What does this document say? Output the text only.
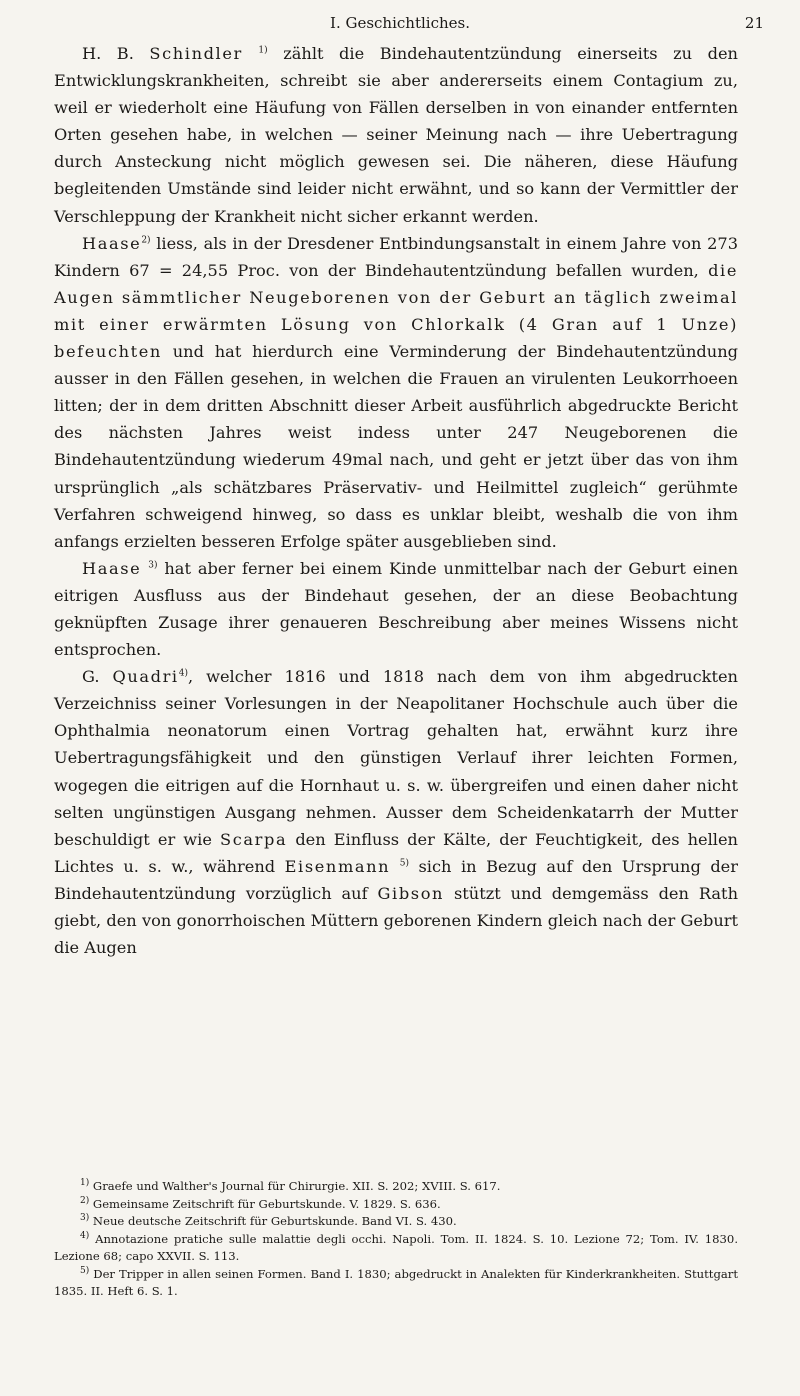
I. Geschichtliches.	21

H. B. Schindler $^{1)}$ zählt die Bindehautentzündung einerseits zu den Entwicklungskrankheiten, schreibt sie aber andererseits einem Contagium zu, weil er wiederholt eine Häufung von Fällen derselben in von einander entfernten Orten gesehen habe, in welchen — seiner Meinung nach — ihre Uebertragung durch Ansteckung nicht möglich gewesen sei. Die näheren, diese Häufung begleitenden Umstände sind leider nicht erwähnt, und so kann der Vermittler der Verschleppung der Krankheit nicht sicher erkannt werden.

Haase$^{2)}$ liess, als in der Dresdener Entbindungsanstalt in einem Jahre von 273 Kindern 67 = 24,55 Proc. von der Bindehautentzündung befallen wurden, die Augen sämmtlicher Neugeborenen von der Geburt an täglich zweimal mit einer erwärmten Lösung von Chlorkalk (4 Gran auf 1 Unze) befeuchten und hat hierdurch eine Verminderung der Bindehautentzündung ausser in den Fällen gesehen, in welchen die Frauen an virulenten Leukorrhoeen litten; der in dem dritten Abschnitt dieser Arbeit ausführlich abgedruckte Bericht des nächsten Jahres weist indess unter 247 Neugeborenen die Bindehautentzündung wiederum 49mal nach, und geht er jetzt über das von ihm ursprünglich „als schätzbares Präservativ- und Heilmittel zugleich“ gerühmte Verfahren schweigend hinweg, so dass es unklar bleibt, weshalb die von ihm anfangs erzielten besseren Erfolge später ausgeblieben sind.

Haase $^{3)}$ hat aber ferner bei einem Kinde unmittelbar nach der Geburt einen eitrigen Ausfluss aus der Bindehaut gesehen, der an diese Beobachtung geknüpften Zusage ihrer genaueren Beschreibung aber meines Wissens nicht entsprochen.

G. Quadri$^{4)}$, welcher 1816 und 1818 nach dem von ihm abgedruckten Verzeichniss seiner Vorlesungen in der Neapolitaner Hochschule auch über die Ophthalmia neonatorum einen Vortrag gehalten hat, erwähnt kurz ihre Uebertragungsfähigkeit und den günstigen Verlauf ihrer leichten Formen, wogegen die eitrigen auf die Hornhaut u. s. w. übergreifen und einen daher nicht selten ungünstigen Ausgang nehmen. Ausser dem Scheidenkatarrh der Mutter beschuldigt er wie Scarpa den Einfluss der Kälte, der Feuchtigkeit, des hellen Lichtes u. s. w., während Eisenmann $^{5)}$ sich in Bezug auf den Ursprung der Bindehautentzündung vorzüglich auf Gibson stützt und demgemäss den Rath giebt, den von gonorrhoischen Müttern geborenen Kindern gleich nach der Geburt die Augen

$^{1)}$ Graefe und Walther's Journal für Chirurgie. XII. S. 202; XVIII. S. 617.

$^{2)}$ Gemeinsame Zeitschrift für Geburtskunde. V. 1829. S. 636.

$^{3)}$ Neue deutsche Zeitschrift für Geburtskunde. Band VI. S. 430.

$^{4)}$ Annotazione pratiche sulle malattie degli occhi. Napoli. Tom. II. 1824. S. 10. Lezione 72; Tom. IV. 1830. Lezione 68; capo XXVII. S. 113.

$^{5)}$ Der Tripper in allen seinen Formen. Band I. 1830; abgedruckt in Analekten für Kinderkrankheiten. Stuttgart 1835. II. Heft 6. S. 1.
